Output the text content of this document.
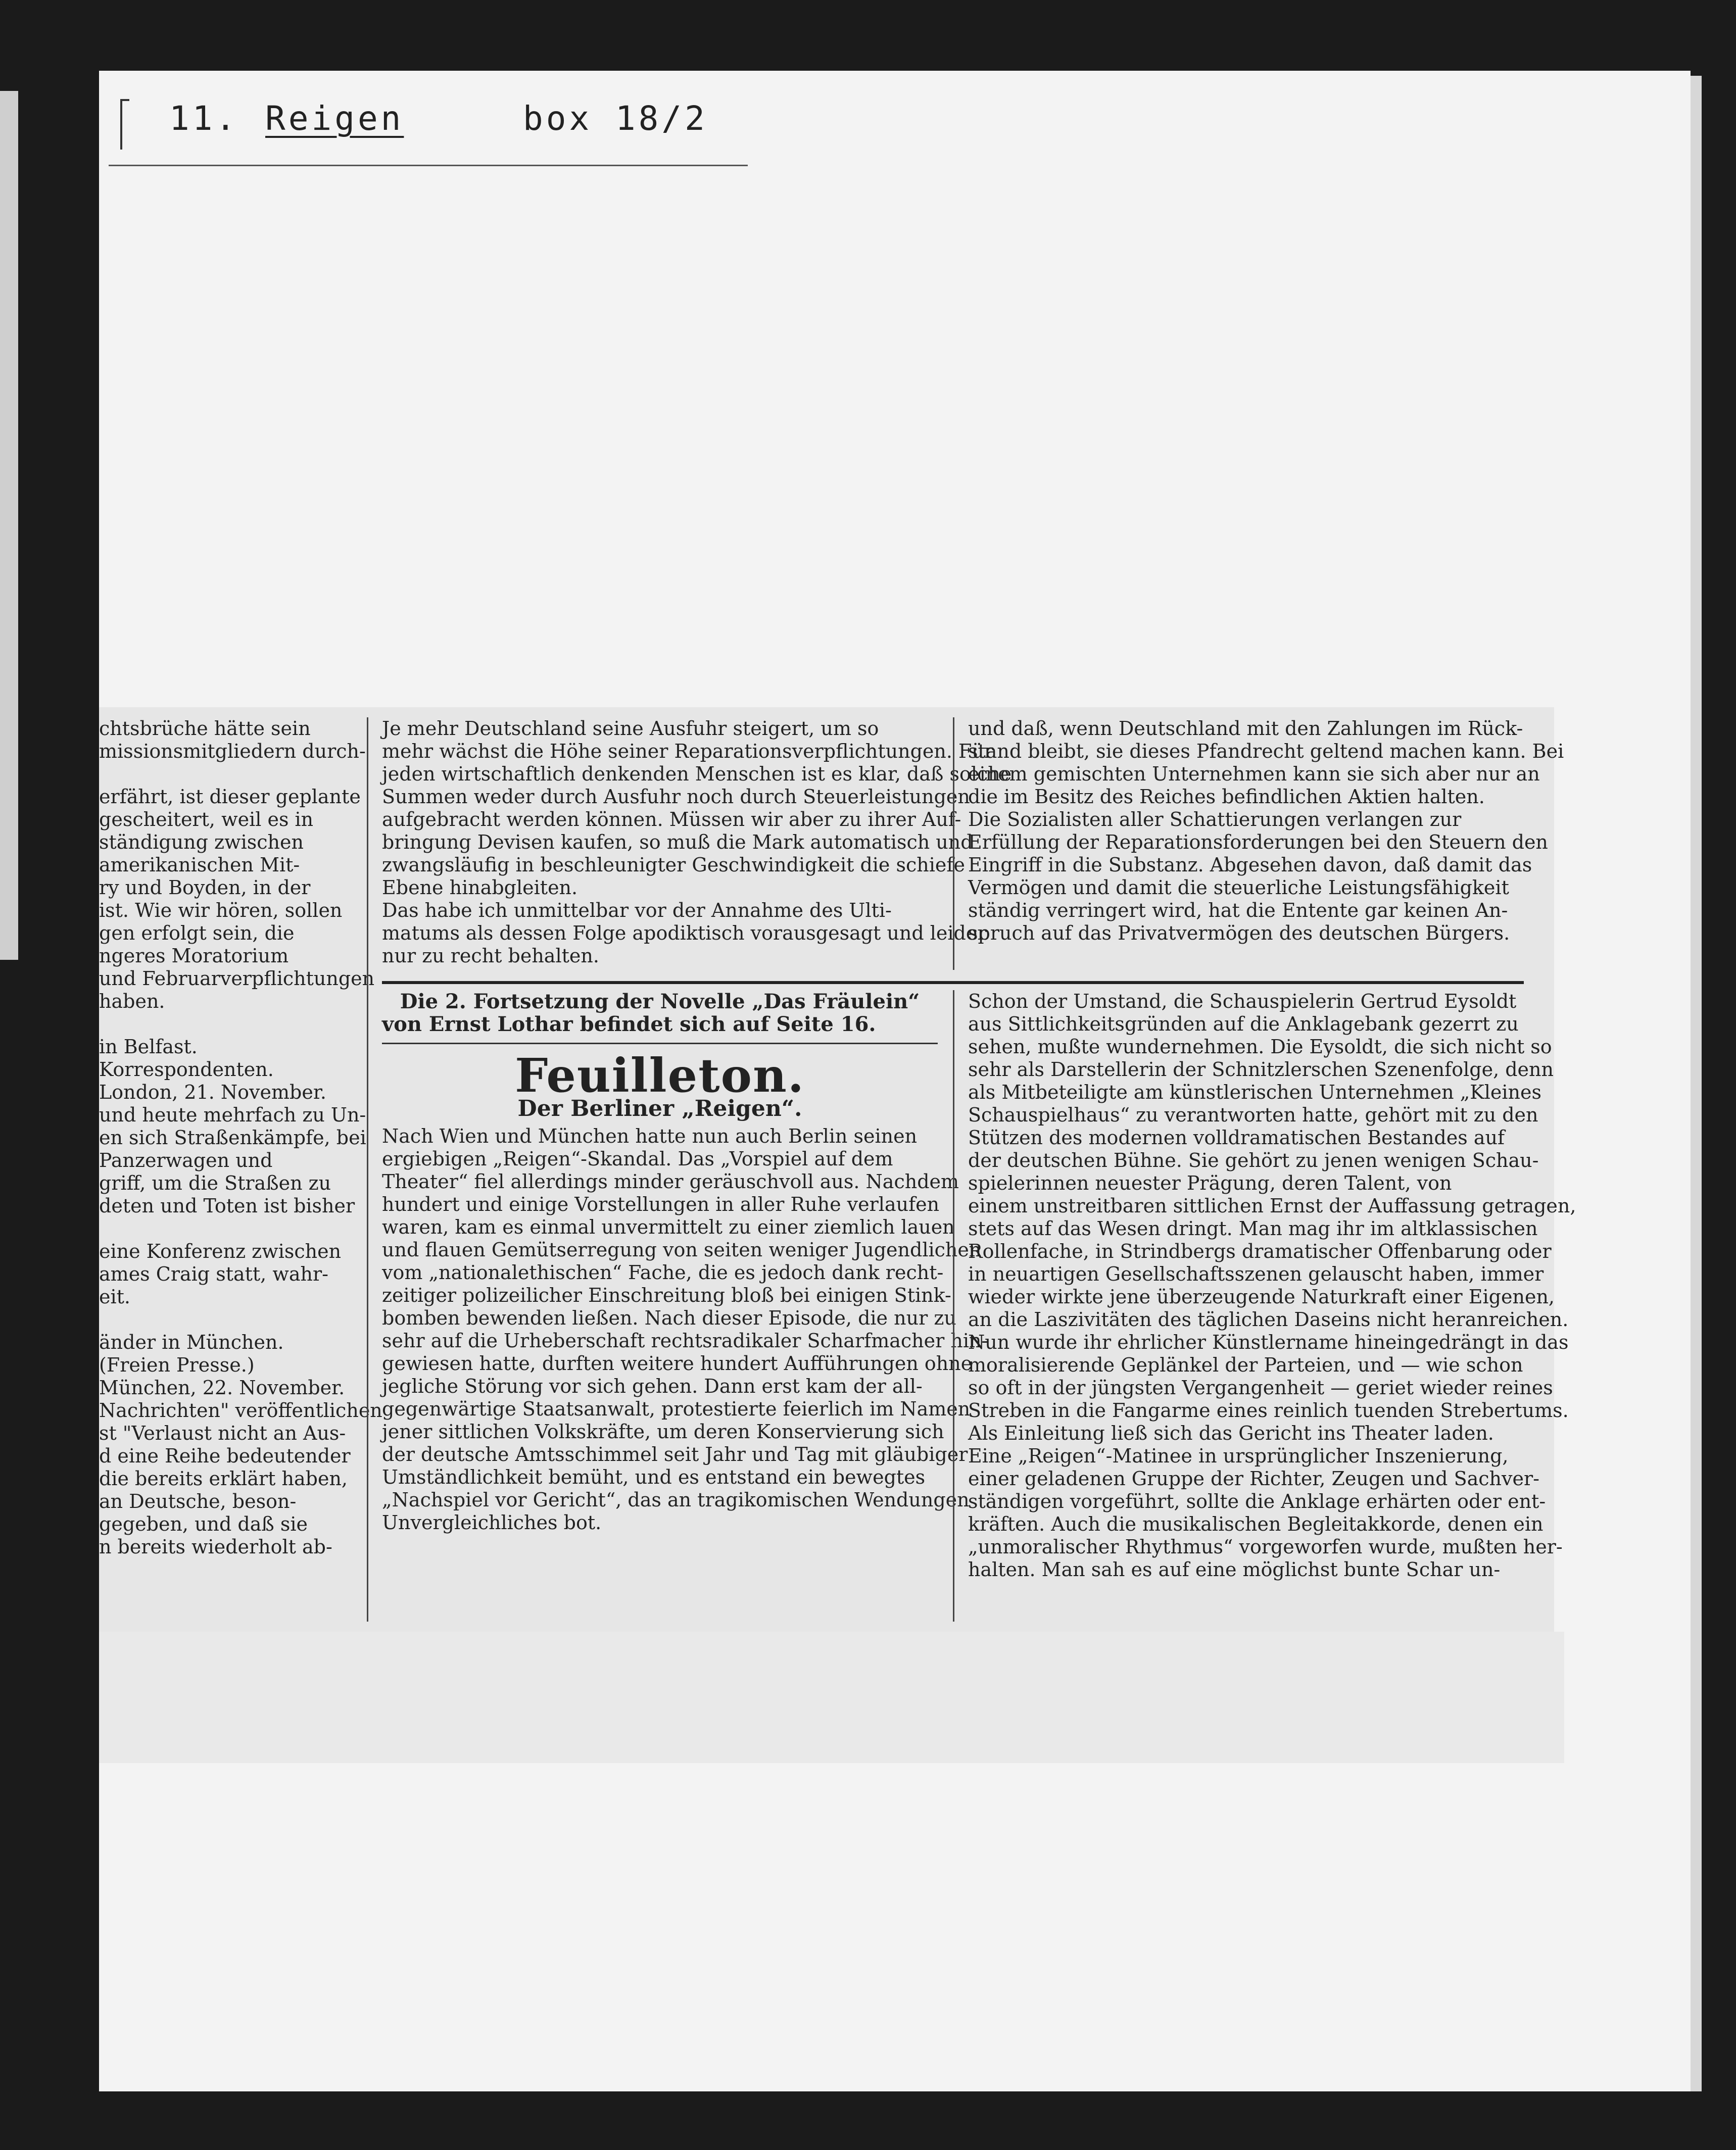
11. Reigen	box 18/2
chtsbrüche hätte sein
missionsmitgliedern durch-

erfährt, ist dieser geplante
gescheitert, weil es in
ständigung zwischen
amerikanischen Mit-
ry und Boyden, in der
ist. Wie wir hören, sollen
gen erfolgt sein, die
ngeres Moratorium
und Februarverpflichtungen
haben.

in Belfast.
Korrespondenten.
London, 21. November.
und heute mehrfach zu Un-
en sich Straßenkämpfe, bei
Panzerwagen und
griff, um die Straßen zu
deten und Toten ist bisher

eine Konferenz zwischen
ames Craig statt, wahr-
eit.

änder in München.
(Freien Presse.)
München, 22. November.
Nachrichten" veröffentlichen
st "Verlaust nicht an Aus-
d eine Reihe bedeutender
die bereits erklärt haben,
an Deutsche, beson-
gegeben, und daß sie
n bereits wiederholt ab-
Je mehr Deutschland seine Ausfuhr steigert, um so
mehr wächst die Höhe seiner Reparationsverpflichtungen. Für
jeden wirtschaftlich denkenden Menschen ist es klar, daß solche
Summen weder durch Ausfuhr noch durch Steuerleistungen
aufgebracht werden können. Müssen wir aber zu ihrer Auf-
bringung Devisen kaufen, so muß die Mark automatisch und
zwangsläufig in beschleunigter Geschwindigkeit die schiefe
Ebene hinabgleiten.
Das habe ich unmittelbar vor der Annahme des Ulti-
matums als dessen Folge apodiktisch vorausgesagt und leider
nur zu recht behalten.
und daß, wenn Deutschland mit den Zahlungen im Rück-
stand bleibt, sie dieses Pfandrecht geltend machen kann. Bei
einem gemischten Unternehmen kann sie sich aber nur an
die im Besitz des Reiches befindlichen Aktien halten.
Die Sozialisten aller Schattierungen verlangen zur
Erfüllung der Reparationsforderungen bei den Steuern den
Eingriff in die Substanz. Abgesehen davon, daß damit das
Vermögen und damit die steuerliche Leistungsfähigkeit
ständig verringert wird, hat die Entente gar keinen An-
spruch auf das Privatvermögen des deutschen Bürgers.
Die 2. Fortsetzung der Novelle „Das Fräulein“
von Ernst Lothar befindet sich auf Seite 16.
Feuilleton.
Der Berliner „Reigen“.
Nach Wien und München hatte nun auch Berlin seinen
ergiebigen „Reigen“-Skandal. Das „Vorspiel auf dem
Theater“ fiel allerdings minder geräuschvoll aus. Nachdem
hundert und einige Vorstellungen in aller Ruhe verlaufen
waren, kam es einmal unvermittelt zu einer ziemlich lauen
und flauen Gemütserregung von seiten weniger Jugendlichen
vom „nationalethischen“ Fache, die es jedoch dank recht-
zeitiger polizeilicher Einschreitung bloß bei einigen Stink-
bomben bewenden ließen. Nach dieser Episode, die nur zu
sehr auf die Urheberschaft rechtsradikaler Scharfmacher hin-
gewiesen hatte, durften weitere hundert Aufführungen ohne
jegliche Störung vor sich gehen. Dann erst kam der all-
gegenwärtige Staatsanwalt, protestierte feierlich im Namen
jener sittlichen Volkskräfte, um deren Konservierung sich
der deutsche Amtsschimmel seit Jahr und Tag mit gläubiger
Umständlichkeit bemüht, und es entstand ein bewegtes
„Nachspiel vor Gericht“, das an tragikomischen Wendungen
Unvergleichliches bot.
Schon der Umstand, die Schauspielerin Gertrud Eysoldt
aus Sittlichkeitsgründen auf die Anklagebank gezerrt zu
sehen, mußte wundernehmen. Die Eysoldt, die sich nicht so
sehr als Darstellerin der Schnitzlerschen Szenenfolge, denn
als Mitbeteiligte am künstlerischen Unternehmen „Kleines
Schauspielhaus“ zu verantworten hatte, gehört mit zu den
Stützen des modernen volldramatischen Bestandes auf
der deutschen Bühne. Sie gehört zu jenen wenigen Schau-
spielerinnen neuester Prägung, deren Talent, von
einem unstreitbaren sittlichen Ernst der Auffassung getragen,
stets auf das Wesen dringt. Man mag ihr im altklassischen
Rollenfache, in Strindbergs dramatischer Offenbarung oder
in neuartigen Gesellschaftsszenen gelauscht haben, immer
wieder wirkte jene überzeugende Naturkraft einer Eigenen,
an die Laszivitäten des täglichen Daseins nicht heranreichen.
Nun wurde ihr ehrlicher Künstlername hineingedrängt in das
moralisierende Geplänkel der Parteien, und — wie schon
so oft in der jüngsten Vergangenheit — geriet wieder reines
Streben in die Fangarme eines reinlich tuenden Strebertums.
Als Einleitung ließ sich das Gericht ins Theater laden.
Eine „Reigen“-Matinee in ursprünglicher Inszenierung,
einer geladenen Gruppe der Richter, Zeugen und Sachver-
ständigen vorgeführt, sollte die Anklage erhärten oder ent-
kräften. Auch die musikalischen Begleitakkorde, denen ein
„unmoralischer Rhythmus“ vorgeworfen wurde, mußten her-
halten. Man sah es auf eine möglichst bunte Schar un-
